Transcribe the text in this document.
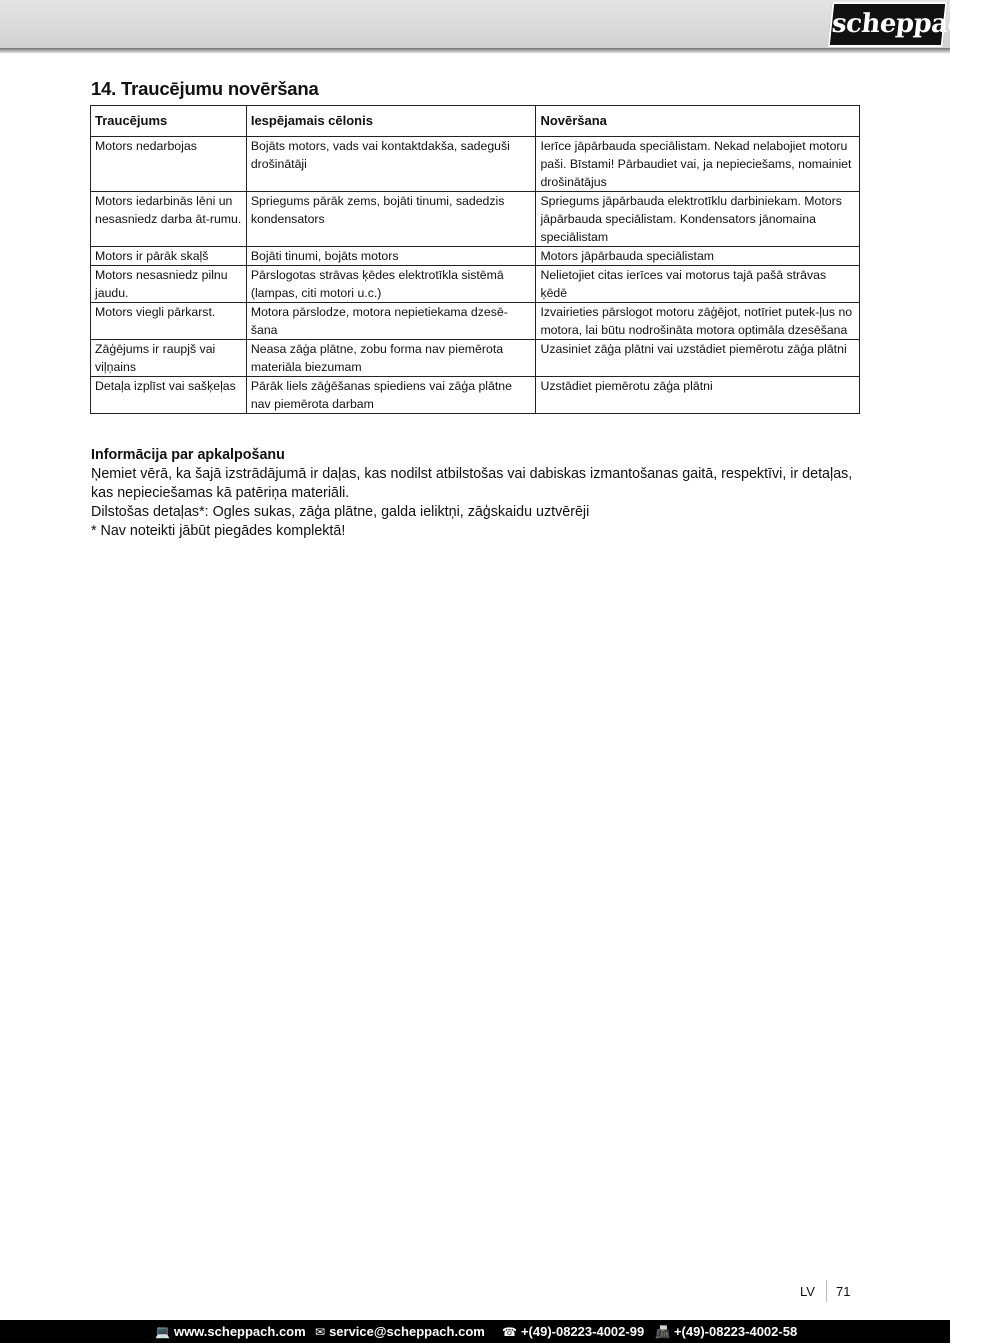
scheppach
14. Traucējumu novēršana
Traucējums	Iespējamais cēlonis	Novēršana
Motors nedarbojas	Bojāts motors, vads vai kontaktdakša, sadeguši drošinātāji	Ierīce jāpārbauda speciālistam. Nekad nelabojiet motoru paši. Bīstami! Pārbaudiet vai, ja nepieciešams, nomainiet drošinātājus
Motors iedarbinās lēni un nesasniedz darba āt-rumu.	Spriegums pārāk zems, bojāti tinumi, sadedzis kondensators	Spriegums jāpārbauda elektrotīklu darbiniekam. Motors jāpārbauda speciālistam. Kondensators jānomaina speciālistam
Motors ir pārāk skaļš	Bojāti tinumi, bojāts motors	Motors jāpārbauda speciālistam
Motors nesasniedz pilnu jaudu.	Pārslogotas strāvas ķēdes elektrotīkla sistēmā (lampas, citi motori u.c.)	Nelietojiet citas ierīces vai motorus tajā pašā strāvas ķēdē
Motors viegli pārkarst.	Motora pārslodze, motora nepietiekama dzesē-šana	Izvairieties pārslogot motoru zāģējot, notīriet putek-ļus no motora, lai būtu nodrošināta motora optimāla dzesēšana
Zāģējums ir raupjš vai viļņains	Neasa zāģa plātne, zobu forma nav piemērota materiāla biezumam	Uzasiniet zāģa plātni vai uzstādiet piemērotu zāģa plātni
Detaļa izplīst vai sašķeļas	Pārāk liels zāģēšanas spiediens vai zāģa plātne nav piemērota darbam	Uzstādiet piemērotu zāģa plātni

Informācija par apkalpošanu

Ņemiet vērā, ka šajā izstrādājumā ir daļas, kas nodilst atbilstošas vai dabiskas izmantošanas gaitā, respektīvi, ir detaļas, kas nepieciešamas kā patēriņa materiāli.

Dilstošas detaļas*: Ogles sukas, zāģa plātne, galda ieliktņi, zāģskaidu uztvērēji

* Nav noteikti jābūt piegādes komplektā!

LV 71
💻 www.scheppach.com ✉ service@scheppach.com ☎ +(49)-08223-4002-99 📠 +(49)-08223-4002-58
